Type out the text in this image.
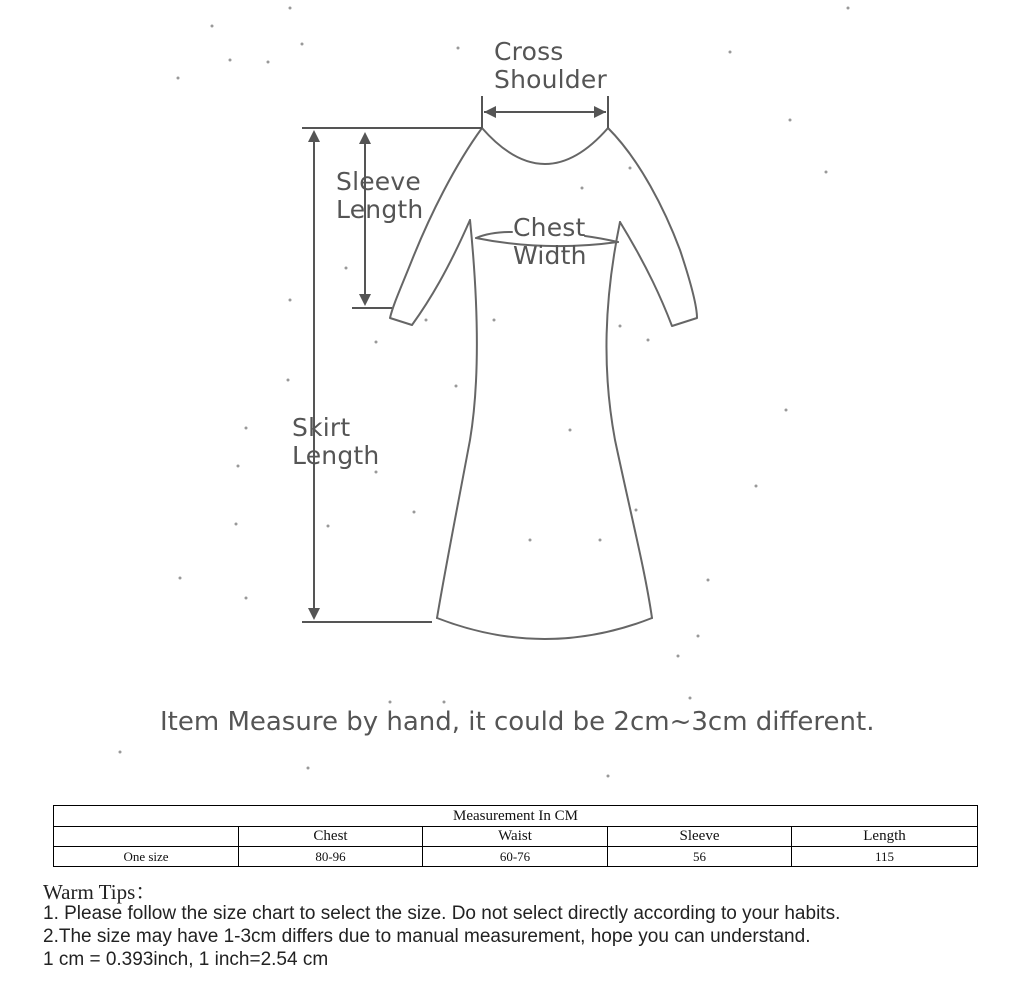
Cross
Shoulder
Sleeve
Length
Chest
Width
Skirt
Length
Item Measure by hand, it could be 2cm~3cm different.
Measurement In CM				
	Chest	Waist	Sleeve	Length
One size	80-96	60-76	56	115
Warm Tips：
1. Please follow the size chart to select the size. Do not select directly according to your habits.
2.The size may have 1-3cm differs due to manual measurement, hope you can understand.
1 cm = 0.393inch, 1 inch=2.54 cm
